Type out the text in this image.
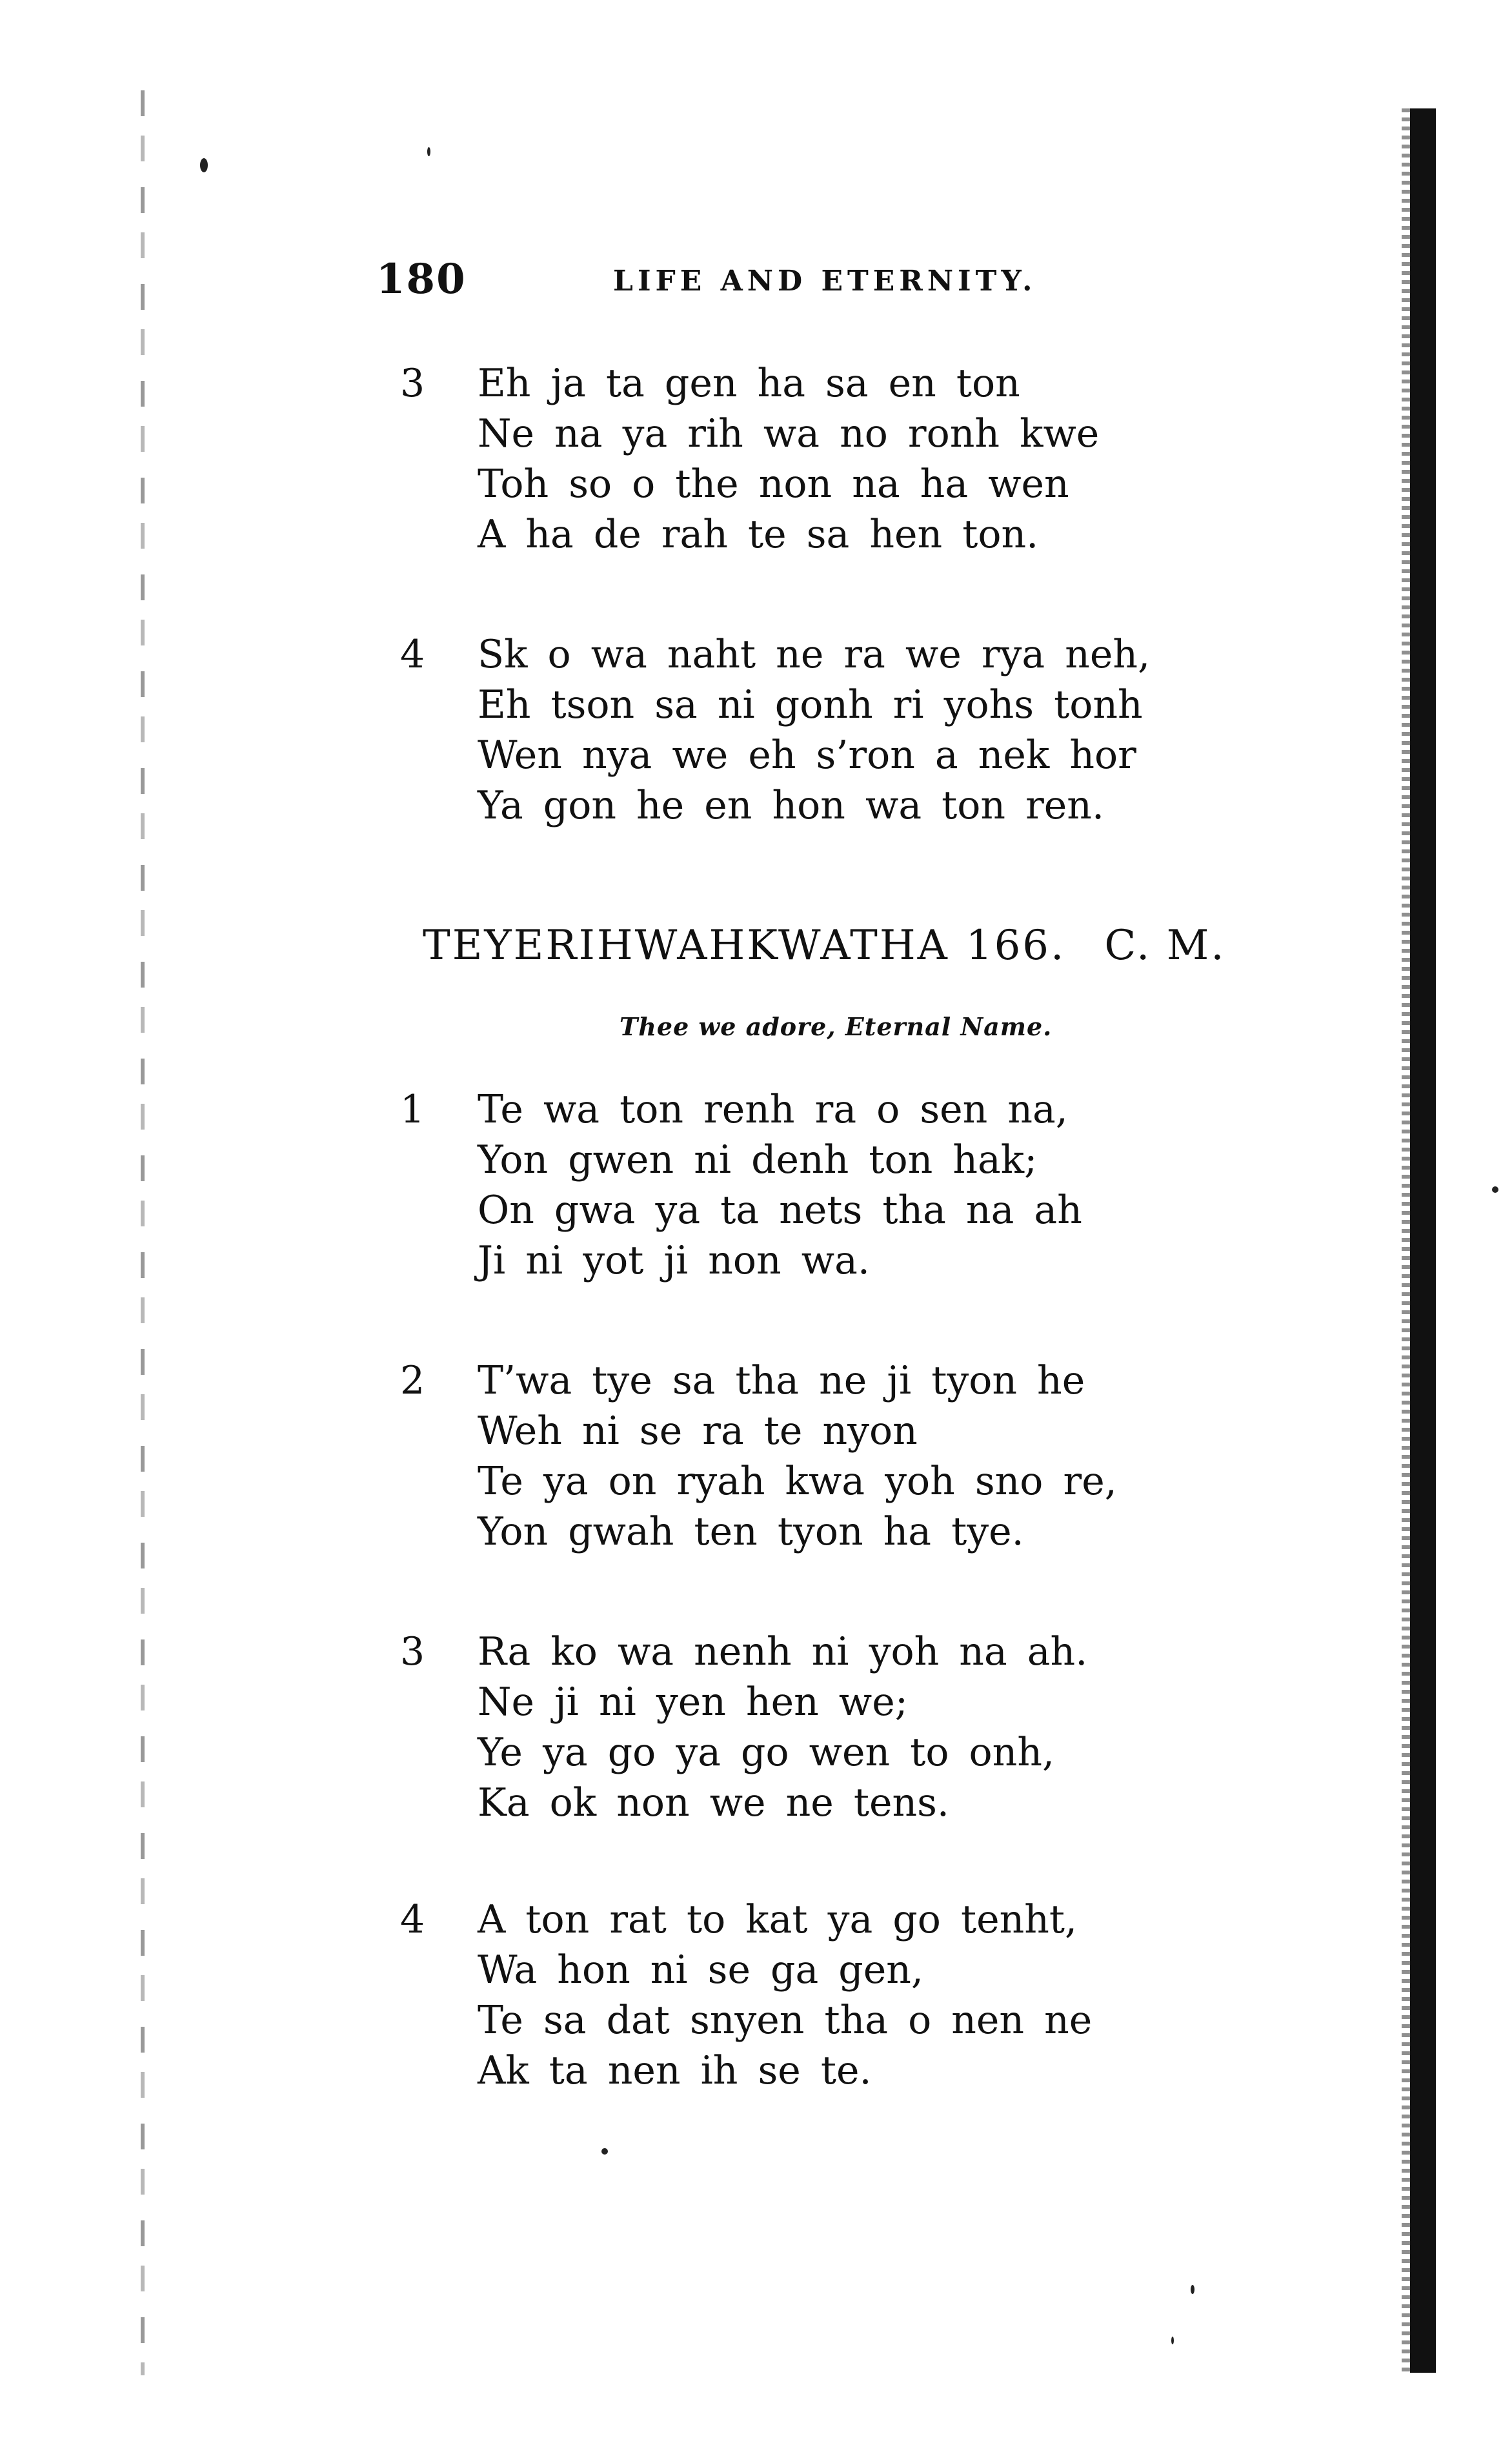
180	LIFE AND ETERNITY.
3	Eh ja ta gen ha sa en ton
Ne na ya rih wa no ronh kwe
Toh so o the non na ha wen
A ha de rah te sa hen ton.
4	Sk o wa naht ne ra we rya neh,
Eh tson sa ni gonh ri yohs tonh
Wen nya we eh s’ron a nek hor
Ya gon he en hon wa ton ren.
TEYERIHWAHKWATHA 166. C. M.
Thee we adore, Eternal Name.
1	Te wa ton renh ra o sen na,
Yon gwen ni denh ton hak;
On gwa ya ta nets tha na ah
Ji ni yot ji non wa.
2	T’wa tye sa tha ne ji tyon he
Weh ni se ra te nyon
Te ya on ryah kwa yoh sno re,
Yon gwah ten tyon ha tye.
3	Ra ko wa nenh ni yoh na ah.
Ne ji ni yen hen we;
Ye ya go ya go wen to onh,
Ka ok non we ne tens.
4	A ton rat to kat ya go tenht,
Wa hon ni se ga gen,
Te sa dat snyen tha o nen ne
Ak ta nen ih se te.
